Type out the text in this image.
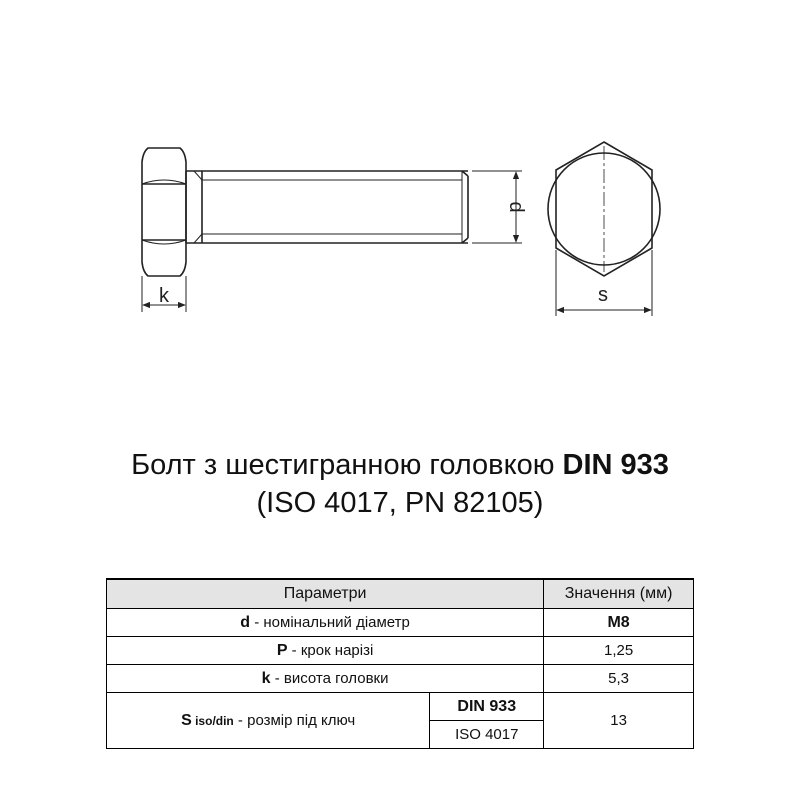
k
d
s
Болт з шестигранною головкою DIN 933
(ISO 4017, PN 82105)
Параметри		Значення (мм)
d - номінальний діаметр		M8
P - крок нарізі		1,25
k - висота головки		5,3
S iso/din - розмір під ключ	DIN 933	13
	ISO 4017	
